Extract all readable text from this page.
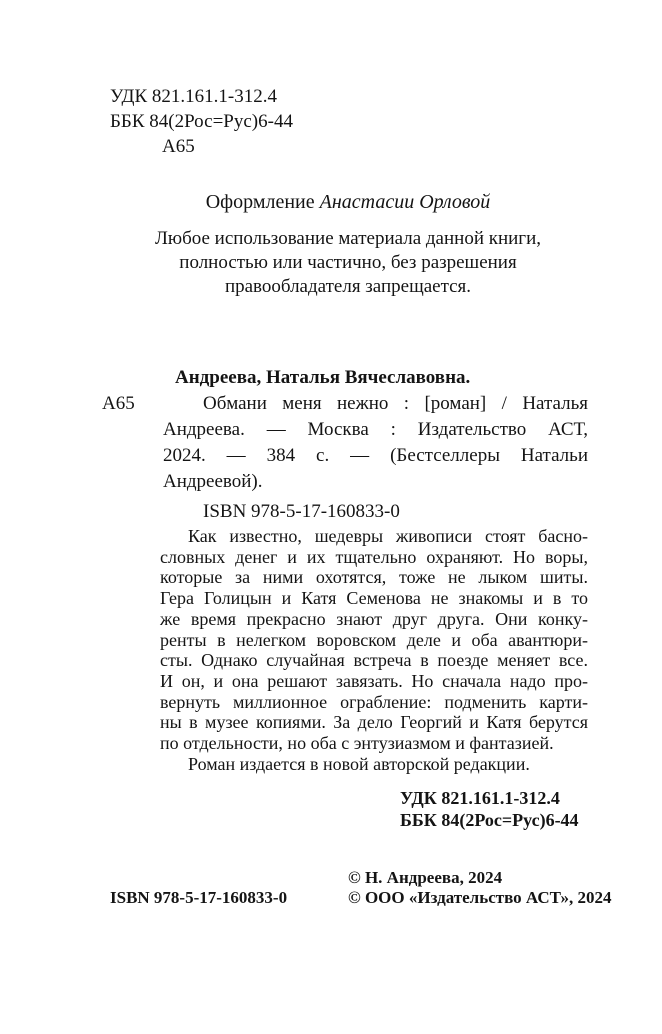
УДК 821.161.1-312.4
ББК 84(2Рос=Рус)6-44
А65
Оформление Анастасии Орловой
Любое использование материала данной книги,
полностью или частично, без разрешения
правообладателя запрещается.
Андреева, Наталья Вячеславовна.
А65	Обмани меня нежно : [роман] / Наталья
Андреева. — Москва : Издательство АСТ,
2024. — 384 с. — (Бестселлеры Натальи
Андреевой).
ISBN 978-5-17-160833-0
Как известно, шедевры живописи стоят басно-
словных денег и их тщательно охраняют. Но воры,
которые за ними охотятся, тоже не лыком шиты.
Гера Голицын и Катя Семенова не знакомы и в то
же время прекрасно знают друг друга. Они конку-
ренты в нелегком воровском деле и оба авантюри-
сты. Однако случайная встреча в поезде меняет все.
И он, и она решают завязать. Но сначала надо про-
вернуть миллионное ограбление: подменить карти-
ны в музее копиями. За дело Георгий и Катя берутся
по отдельности, но оба с энтузиазмом и фантазией.
Роман издается в новой авторской редакции.
УДК 821.161.1-312.4
ББК 84(2Рос=Рус)6-44
ISBN 978-5-17-160833-0
© Н. Андреева, 2024
© ООО «Издательство АСТ», 2024
